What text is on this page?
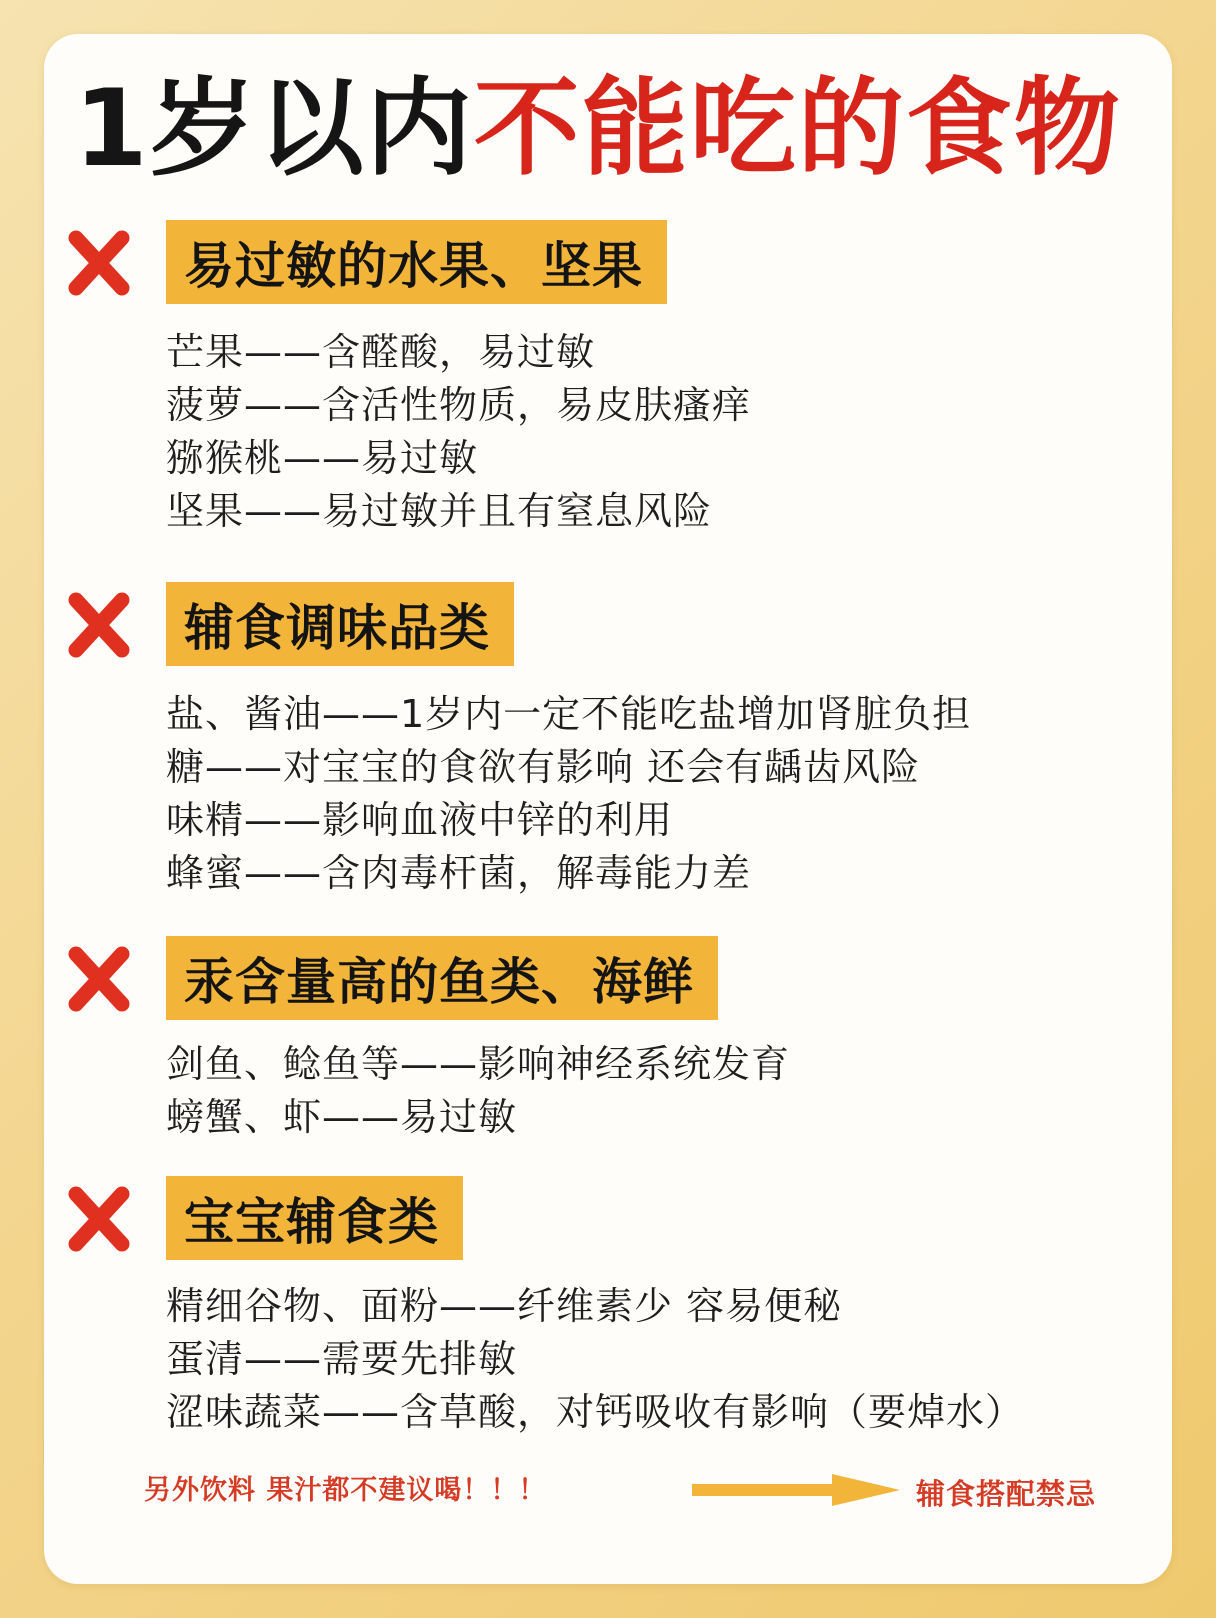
1岁以内不能吃的食物
易过敏的水果、坚果
芒果——含醛酸，易过敏
菠萝——含活性物质，易皮肤瘙痒
猕猴桃——易过敏
坚果——易过敏并且有窒息风险
辅食调味品类
盐、酱油——1岁内一定不能吃盐增加肾脏负担
糖——对宝宝的食欲有影响 还会有龋齿风险
味精——影响血液中锌的利用
蜂蜜——含肉毒杆菌，解毒能力差
汞含量高的鱼类、海鲜
剑鱼、鲶鱼等——影响神经系统发育
螃蟹、虾——易过敏
宝宝辅食类
精细谷物、面粉——纤维素少 容易便秘
蛋清——需要先排敏
涩味蔬菜——含草酸，对钙吸收有影响（要焯水）
另外饮料 果汁都不建议喝！！！	辅食搭配禁忌
